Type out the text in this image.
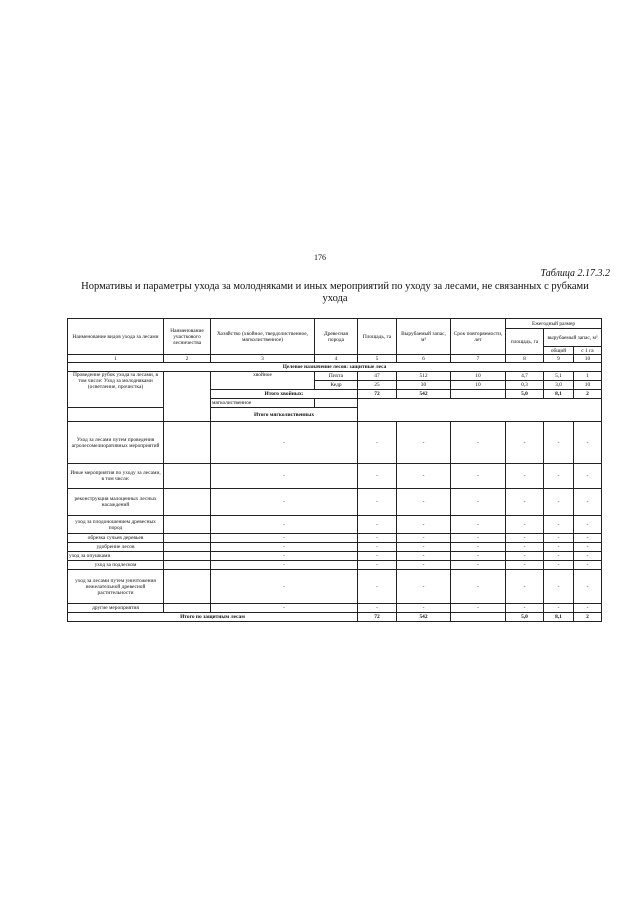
176
Таблица 2.17.3.2
Нормативы и параметры ухода за молодняками и иных мероприятий по уходу за лесами, не связанных с рубками ухода
Наименование видов ухода за лесами	Наименование участкового лесничества	Хозяйство (хвойное, твердолиственное, мягколиственное)	Древесная порода	Площадь, га	Вырубаемый запас, м³	Срок повторяемости, лет	Ежегодный размер		
							площадь, га	вырубаемый запас, м³	
								общий	с 1 га
1	2	3	4	5	6	7	8	9	10
Целевое назначение лесов: защитные леса									
Проведение рубок ухода за лесами, в том числе: Уход за молодняками (осветление, прочистка)		хвойное	Пихта	47	512	10	4,7	5,1	1
			Кедр	25	30	10	0,3	3,0	10
		Итого хвойных:		72	542		5,0	8,1	2
		мягколиственное							
		Итого мягколиственных							
Уход за лесами путем проведения агролесомелиоративных мероприятий		-		-	-	-	-	-	-
Иные мероприятия по уходу за лесами, в том числе:		-		-	-	-	-	-	-
реконструкция малоценных лесных насаждений		-		-	-	-	-	-	-
уход за плодоношением древесных пород		-		-	-	-	-	-	-
обрезка сучьев деревьев		-		-	-	-	-	-	-
удобрение лесов		-		-	-	-	-	-	-
уход за опушками		-		-	-	-	-	-	-
уход за подлеском		-		-	-	-	-	-	-
уход за лесами путем уничтожения нежелательной древесной растительности		-		-	-	-	-	-	-
другие мероприятия		-		-	-	-	-	-	-
Итого по защитным лесам				72	542		5,0	8,1	2
